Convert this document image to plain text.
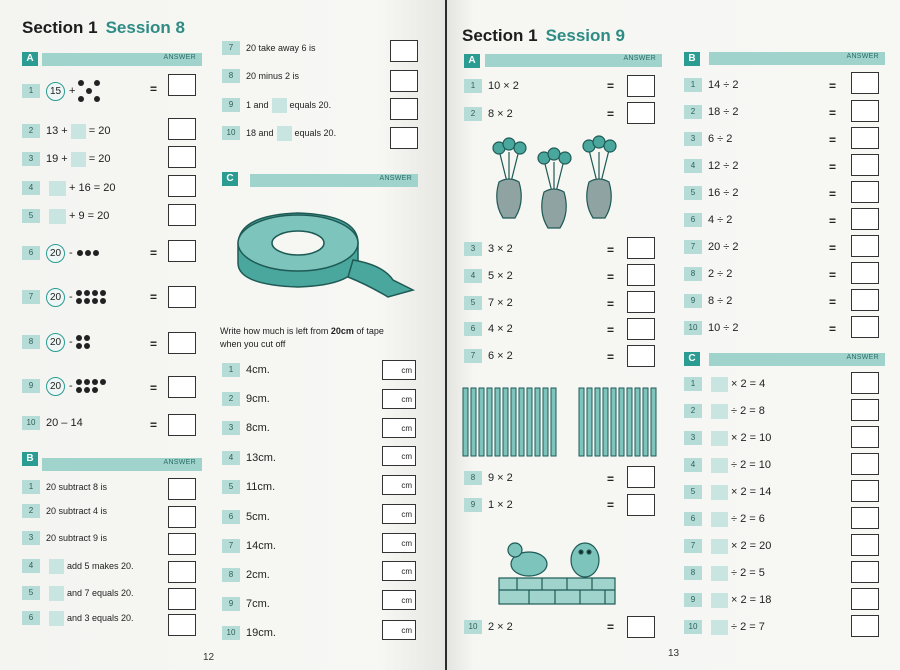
Section 1 Session 8
A	ANSWER
1	15 +	=
2	13 + = 20
3	19 + = 20
4	+ 16 = 20
5	+ 9 = 20
6	20 -	=
7	20 -	=
8	20 -	=
9	20 -	=
10 20 – 14	=
B	ANSWER
1	20 subtract 8 is
2	20 subtract 4 is
3	20 subtract 9 is
4	add 5 makes 20.
5	and 7 equals 20.
6	and 3 equals 20.
7	20 take away 6 is
8	20 minus 2 is
9	1 and equals 20.
10	18 and equals 20.
C	ANSWER
Write how much is left from 20cm of tape
when you cut off
1	4cm.	cm
2	9cm.	cm
3	8cm.	cm
4	13cm.	cm
5	11cm.	cm
6	5cm.	cm
7	14cm.	cm
8	2cm.	cm
9	7cm.	cm
10 19cm.	cm
12
Section 1 Session 9
A	ANSWER
1	10 × 2	=
2	8 × 2	=
3	3 × 2	=
4	5 × 2	=
5	7 × 2	=
6	4 × 2	=
7	6 × 2	=
8	9 × 2	=
9	1 × 2	=
10 2 × 2	=
B	ANSWER
1	14 ÷ 2	=
2	18 ÷ 2	=
3	6 ÷ 2	=
4	12 ÷ 2	=
5	16 ÷ 2	=
6	4 ÷ 2	=
7	20 ÷ 2	=
8	2 ÷ 2	=
9	8 ÷ 2	=
10 10 ÷ 2	=
C	ANSWER
1	× 2 = 4
2	÷ 2 = 8
3	× 2 = 10
4	÷ 2 = 10
5	× 2 = 14
6	÷ 2 = 6
7	× 2 = 20
8	÷ 2 = 5
9	× 2 = 18
10	÷ 2 = 7
13
